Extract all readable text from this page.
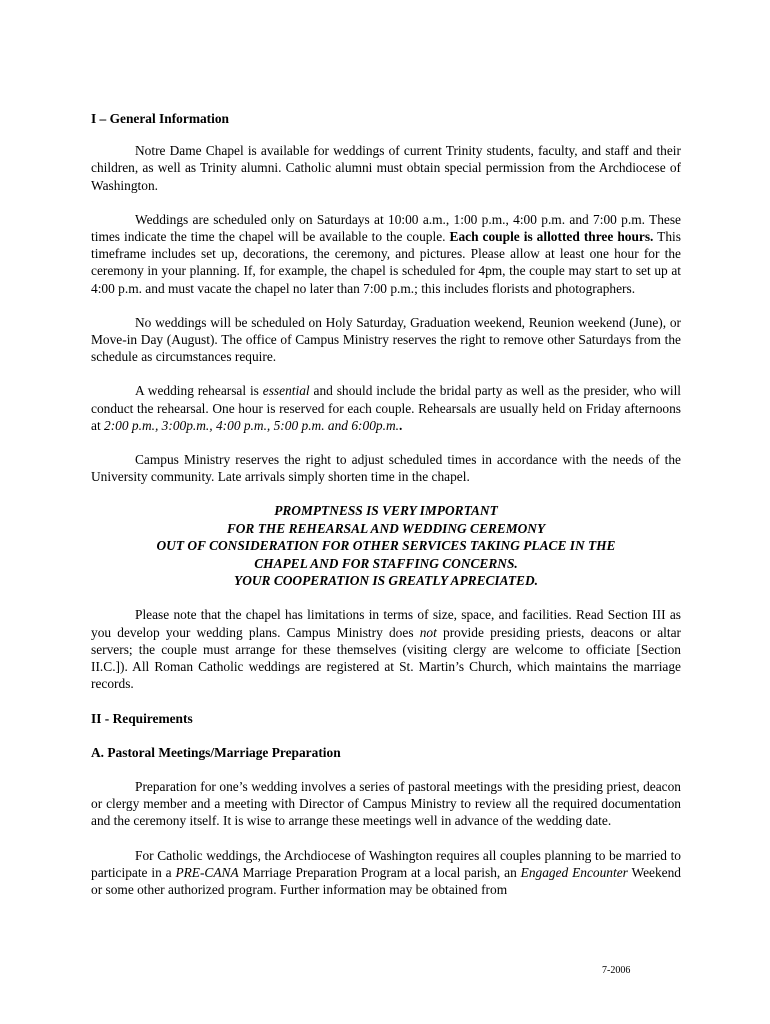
I – General Information

Notre Dame Chapel is available for weddings of current Trinity students, faculty, and staff and their children, as well as Trinity alumni. Catholic alumni must obtain special permission from the Archdiocese of Washington.

Weddings are scheduled only on Saturdays at 10:00 a.m., 1:00 p.m., 4:00 p.m. and 7:00 p.m. These times indicate the time the chapel will be available to the couple. Each couple is allotted three hours. This timeframe includes set up, decorations, the ceremony, and pictures. Please allow at least one hour for the ceremony in your planning. If, for example, the chapel is scheduled for 4pm, the couple may start to set up at 4:00 p.m. and must vacate the chapel no later than 7:00 p.m.; this includes florists and photographers.

No weddings will be scheduled on Holy Saturday, Graduation weekend, Reunion weekend (June), or Move-in Day (August). The office of Campus Ministry reserves the right to remove other Saturdays from the schedule as circumstances require.

A wedding rehearsal is essential and should include the bridal party as well as the presider, who will conduct the rehearsal. One hour is reserved for each couple. Rehearsals are usually held on Friday afternoons at 2:00 p.m., 3:00p.m., 4:00 p.m., 5:00 p.m. and 6:00p.m..

Campus Ministry reserves the right to adjust scheduled times in accordance with the needs of the University community. Late arrivals simply shorten time in the chapel.

PROMPTNESS IS VERY IMPORTANT
FOR THE REHEARSAL AND WEDDING CEREMONY
OUT OF CONSIDERATION FOR OTHER SERVICES TAKING PLACE IN THE
CHAPEL AND FOR STAFFING CONCERNS.
YOUR COOPERATION IS GREATLY APRECIATED.

Please note that the chapel has limitations in terms of size, space, and facilities. Read Section III as you develop your wedding plans. Campus Ministry does not provide presiding priests, deacons or altar servers; the couple must arrange for these themselves (visiting clergy are welcome to officiate [Section II.C.]). All Roman Catholic weddings are registered at St. Martin’s Church, which maintains the marriage records.

II - Requirements
A. Pastoral Meetings/Marriage Preparation

Preparation for one’s wedding involves a series of pastoral meetings with the presiding priest, deacon or clergy member and a meeting with Director of Campus Ministry to review all the required documentation and the ceremony itself. It is wise to arrange these meetings well in advance of the wedding date.

For Catholic weddings, the Archdiocese of Washington requires all couples planning to be married to participate in a PRE-CANA Marriage Preparation Program at a local parish, an Engaged Encounter Weekend or some other authorized program. Further information may be obtained from

7-2006
